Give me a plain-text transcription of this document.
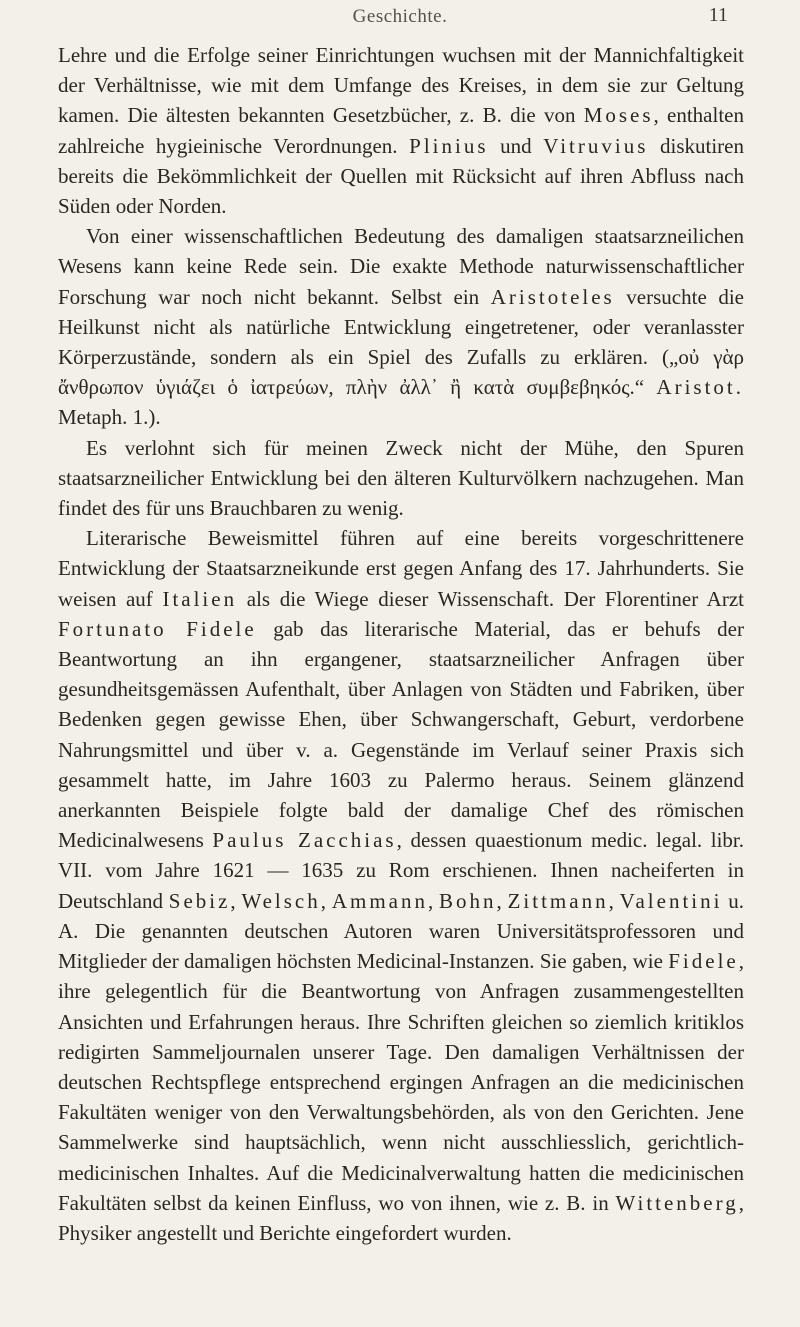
Geschichte.	11

Lehre und die Erfolge seiner Einrichtungen wuchsen mit der Mannichfaltigkeit der Verhältnisse, wie mit dem Umfange des Kreises, in dem sie zur Geltung kamen. Die ältesten bekannten Gesetzbücher, z. B. die von Moses, enthalten zahlreiche hygieinische Verordnungen. Plinius und Vitruvius diskutiren bereits die Bekömmlichkeit der Quellen mit Rücksicht auf ihren Abfluss nach Süden oder Norden.

Von einer wissenschaftlichen Bedeutung des damaligen staatsarzneilichen Wesens kann keine Rede sein. Die exakte Methode naturwissenschaftlicher Forschung war noch nicht bekannt. Selbst ein Aristoteles versuchte die Heilkunst nicht als natürliche Entwicklung eingetretener, oder veranlasster Körperzustände, sondern als ein Spiel des Zufalls zu erklären. („οὐ γὰρ ἄνθρωπον ὑγιάζει ὁ ἰατρεύων, πλὴν ἀλλ᾽ ἢ κατὰ συμβεβηκός.“ Aristot. Metaph. 1.).

Es verlohnt sich für meinen Zweck nicht der Mühe, den Spuren staatsarzneilicher Entwicklung bei den älteren Kulturvölkern nachzugehen. Man findet des für uns Brauchbaren zu wenig.

Literarische Beweismittel führen auf eine bereits vorgeschrittenere Entwicklung der Staatsarzneikunde erst gegen Anfang des 17. Jahrhunderts. Sie weisen auf Italien als die Wiege dieser Wissenschaft. Der Florentiner Arzt Fortunato Fidele gab das literarische Material, das er behufs der Beantwortung an ihn ergangener, staatsarzneilicher Anfragen über gesundheitsgemässen Aufenthalt, über Anlagen von Städten und Fabriken, über Bedenken gegen gewisse Ehen, über Schwangerschaft, Geburt, verdorbene Nahrungsmittel und über v. a. Gegenstände im Verlauf seiner Praxis sich gesammelt hatte, im Jahre 1603 zu Palermo heraus. Seinem glänzend anerkannten Beispiele folgte bald der damalige Chef des römischen Medicinalwesens Paulus Zacchias, dessen quaestionum medic. legal. libr. VII. vom Jahre 1621 — 1635 zu Rom erschienen. Ihnen nacheiferten in Deutschland Sebiz, Welsch, Ammann, Bohn, Zittmann, Valentini u. A. Die genannten deutschen Autoren waren Universitätsprofessoren und Mitglieder der damaligen höchsten Medicinal-Instanzen. Sie gaben, wie Fidele, ihre gelegentlich für die Beantwortung von Anfragen zusammengestellten Ansichten und Erfahrungen heraus. Ihre Schriften gleichen so ziemlich kritiklos redigirten Sammeljournalen unserer Tage. Den damaligen Verhältnissen der deutschen Rechtspflege entsprechend ergingen Anfragen an die medicinischen Fakultäten weniger von den Verwaltungsbehörden, als von den Gerichten. Jene Sammelwerke sind hauptsächlich, wenn nicht ausschliesslich, gerichtlich-medicinischen Inhaltes. Auf die Medicinalverwaltung hatten die medicinischen Fakultäten selbst da keinen Einfluss, wo von ihnen, wie z. B. in Wittenberg, Physiker angestellt und Berichte eingefordert wurden.
